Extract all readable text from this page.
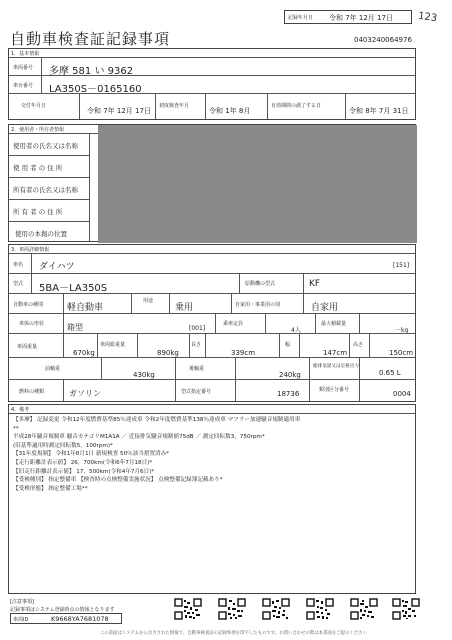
123
記録年月日 令和 7年 12月 17日
自動車検査証記録事項	0403240064976
1．基本情報
車両番号 多摩 581 い 9362
車台番号 LA350S－0165160
交付年月日
令和 7年 12月 17日
初度検査年月
令和 1年 8月
有効期間の満了する日
令和 8年 7月 31日
2．使用者・所有者情報
使用者の氏名又は名称
使 用 者 の 住 所
所有者の氏名又は名称
所 有 者 の 住 所
使用の本拠の位置
3．車両詳細情報
車名 ダイハツ	[151]
型式 5BA－LA350S	原動機の型式	KF
自動車の種別	軽自動車
用途
乗用	自家用・事業用の別	自家用
車体の形状	箱型	[001]
乗車定員
4人
最大積載量
－kg
車両重量
670kg
車両総重量
890kg
長さ
339cm
幅
147cm
高さ
150cm
前軸重
430kg
後軸重
240kg
総排気量又は定格出力
0.65 L
燃料の種類	ガソリン	型式指定番号	18736	類別区分番号	0004
4．備考
【多摩】 記録変更 令和12年度燃費基準85％達成車 令和2年度燃費基準138％達成車 マフラー加速騒音規制適用車
**
平成28年騒音規制車 騒音カテゴリM1A1A ／ 近接排気騒音規制値75dB ／ 測定回転数3，750rpm*
(旧基準適用時測定回転数5，100rpm)*
【31年度規制】 令和1年8月1日 新規検査 50％該当措置済み*
【走行距離計表示値】 26，700km(令和6年7月18日)*
【旧走行距離計表示値】 17，500km(令和4年7月6日)*
【受検種別】 指定整備車 【検査時の点検整備実施状況】 点検整備記録簿記載あり*
【受検形態】 指定整備工場**
[注意事項]
記録事項はシステム登録時点の情報となります
車両ID	K9668YA7681078
この書面はシステムから出力された情報で、自動車検査証の記録事項を印字したものです。お問い合わせの際は本書面をご提示ください
